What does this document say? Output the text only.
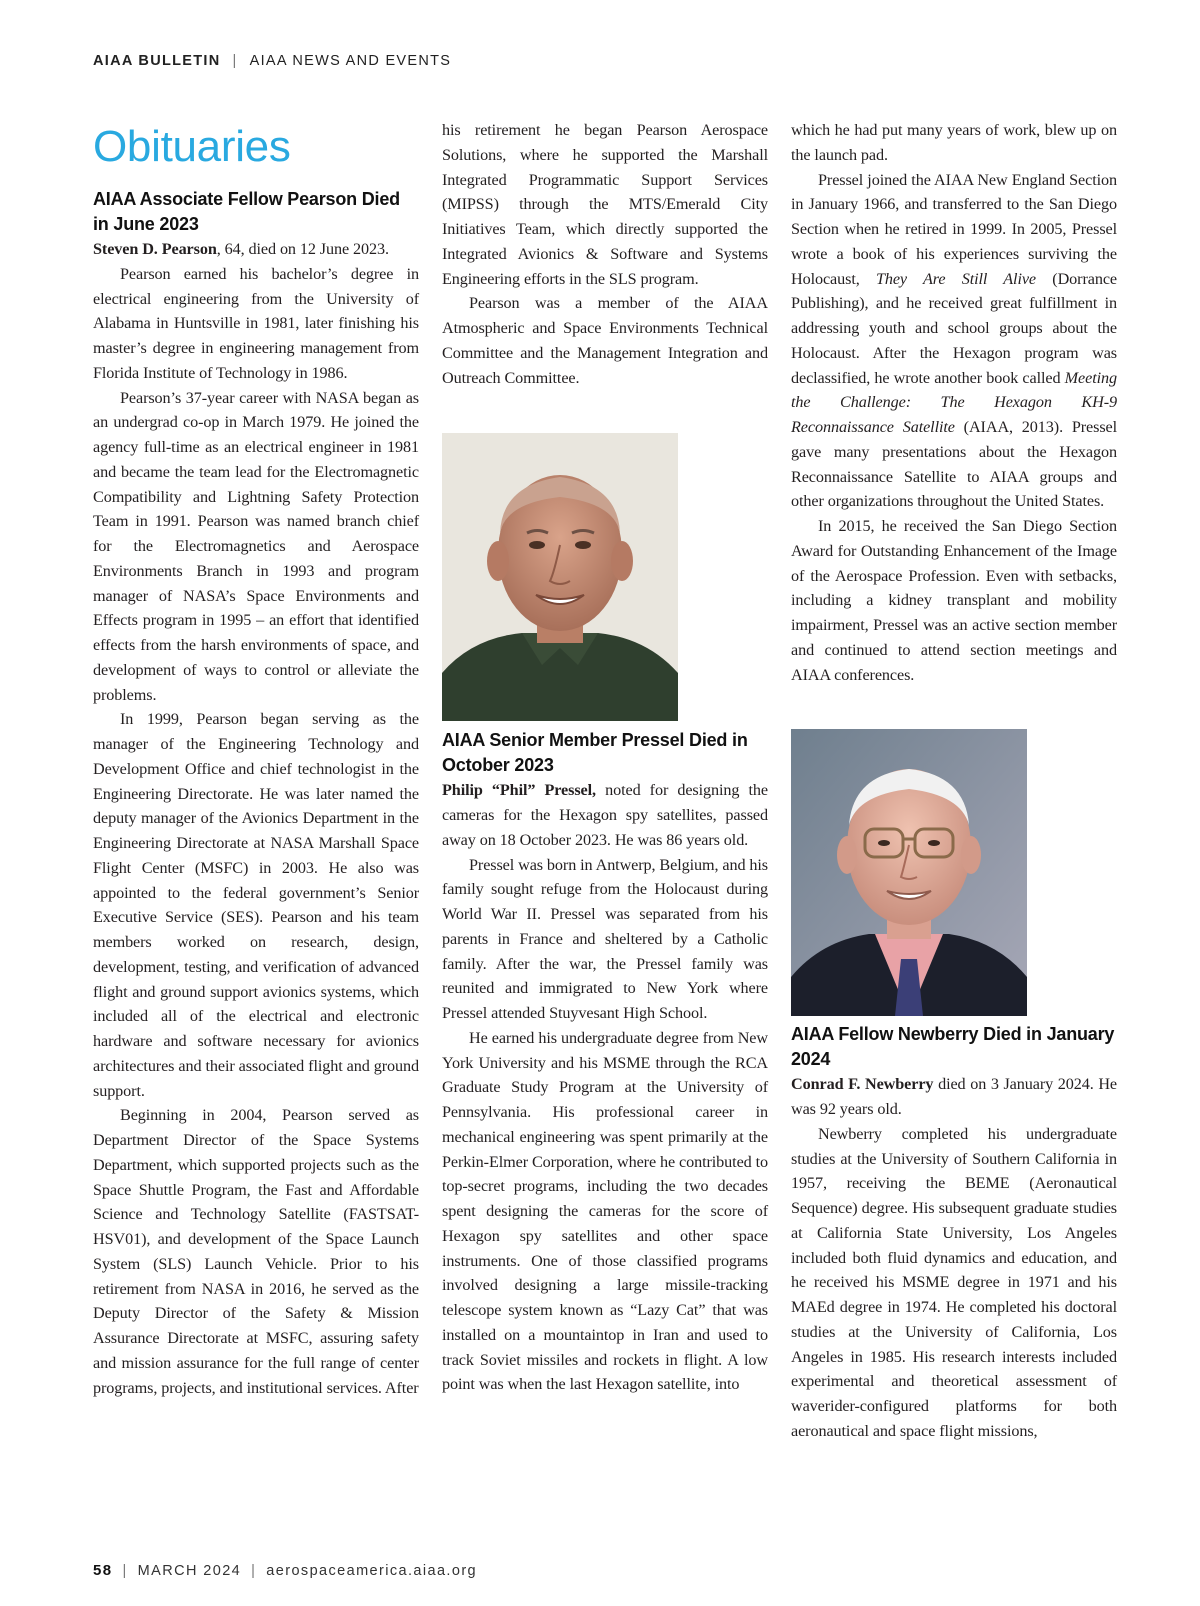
AIAA BULLETIN | AIAA NEWS AND EVENTS
Obituaries
AIAA Associate Fellow Pearson Died in June 2023

Steven D. Pearson, 64, died on 12 June 2023.

Pearson earned his bachelor’s degree in electrical engineering from the University of Alabama in Huntsville in 1981, later finishing his master’s degree in engineering management from Florida Institute of Technology in 1986.

Pearson’s 37-year career with NASA began as an undergrad co-op in March 1979. He joined the agency full-time as an electrical engineer in 1981 and became the team lead for the Electromagnetic Compatibility and Lightning Safety Protection Team in 1991. Pearson was named branch chief for the Electromagnetics and Aerospace Environments Branch in 1993 and program manager of NASA’s Space Environments and Effects program in 1995 – an effort that identified effects from the harsh environments of space, and development of ways to control or alleviate the problems.

In 1999, Pearson began serving as the manager of the Engineering Technology and Development Office and chief technologist in the Engineering Directorate. He was later named the deputy manager of the Avionics Department in the Engineering Directorate at NASA Marshall Space Flight Center (MSFC) in 2003. He also was appointed to the federal government’s Senior Executive Service (SES). Pearson and his team members worked on research, design, development, testing, and verification of advanced flight and ground support avionics systems, which included all of the electrical and electronic hardware and software necessary for avionics architectures and their associated flight and ground support.

Beginning in 2004, Pearson served as Department Director of the Space Systems Department, which supported projects such as the Space Shuttle Program, the Fast and Affordable Science and Technology Satellite (FASTSAT-HSV01), and development of the Space Launch System (SLS) Launch Vehicle. Prior to his retirement from NASA in 2016, he served as the Deputy Director of the Safety & Mission Assurance Directorate at MSFC, assuring safety and mission assurance for the full range of center programs, projects, and institutional services. After

his retirement he began Pearson Aerospace Solutions, where he supported the Marshall Integrated Programmatic Support Services (MIPSS) through the MTS/Emerald City Initiatives Team, which directly supported the Integrated Avionics & Software and Systems Engineering efforts in the SLS program.

Pearson was a member of the AIAA Atmospheric and Space Environments Technical Committee and the Management Integration and Outreach Committee.

AIAA Senior Member Pressel Died in October 2023

Philip “Phil” Pressel, noted for designing the cameras for the Hexagon spy satellites, passed away on 18 October 2023. He was 86 years old.

Pressel was born in Antwerp, Belgium, and his family sought refuge from the Holocaust during World War II. Pressel was separated from his parents in France and sheltered by a Catholic family. After the war, the Pressel family was reunited and immigrated to New York where Pressel attended Stuyvesant High School.

He earned his undergraduate degree from New York University and his MSME through the RCA Graduate Study Program at the University of Pennsylvania. His professional career in mechanical engineering was spent primarily at the Perkin-Elmer Corporation, where he contributed to top-secret programs, including the two decades spent designing the cameras for the score of Hexagon spy satellites and other space instruments. One of those classified programs involved designing a large missile-tracking telescope system known as “Lazy Cat” that was installed on a mountaintop in Iran and used to track Soviet missiles and rockets in flight. A low point was when the last Hexagon satellite, into

which he had put many years of work, blew up on the launch pad.

Pressel joined the AIAA New England Section in January 1966, and transferred to the San Diego Section when he retired in 1999. In 2005, Pressel wrote a book of his experiences surviving the Holocaust, They Are Still Alive (Dorrance Publishing), and he received great fulfillment in addressing youth and school groups about the Holocaust. After the Hexagon program was declassified, he wrote another book called Meeting the Challenge: The Hexagon KH-9 Reconnaissance Satellite (AIAA, 2013). Pressel gave many presentations about the Hexagon Reconnaissance Satellite to AIAA groups and other organizations throughout the United States.

In 2015, he received the San Diego Section Award for Outstanding Enhancement of the Image of the Aerospace Profession. Even with setbacks, including a kidney transplant and mobility impairment, Pressel was an active section member and continued to attend section meetings and AIAA conferences.

AIAA Fellow Newberry Died in January 2024

Conrad F. Newberry died on 3 January 2024. He was 92 years old.

Newberry completed his undergraduate studies at the University of Southern California in 1957, receiving the BEME (Aeronautical Sequence) degree. His subsequent graduate studies at California State University, Los Angeles included both fluid dynamics and education, and he received his MSME degree in 1971 and his MAEd degree in 1974. He completed his doctoral studies at the University of California, Los Angeles in 1985. His research interests included experimental and theoretical assessment of waverider-configured platforms for both aeronautical and space flight missions,

58 | MARCH 2024 | aerospaceamerica.aiaa.org
